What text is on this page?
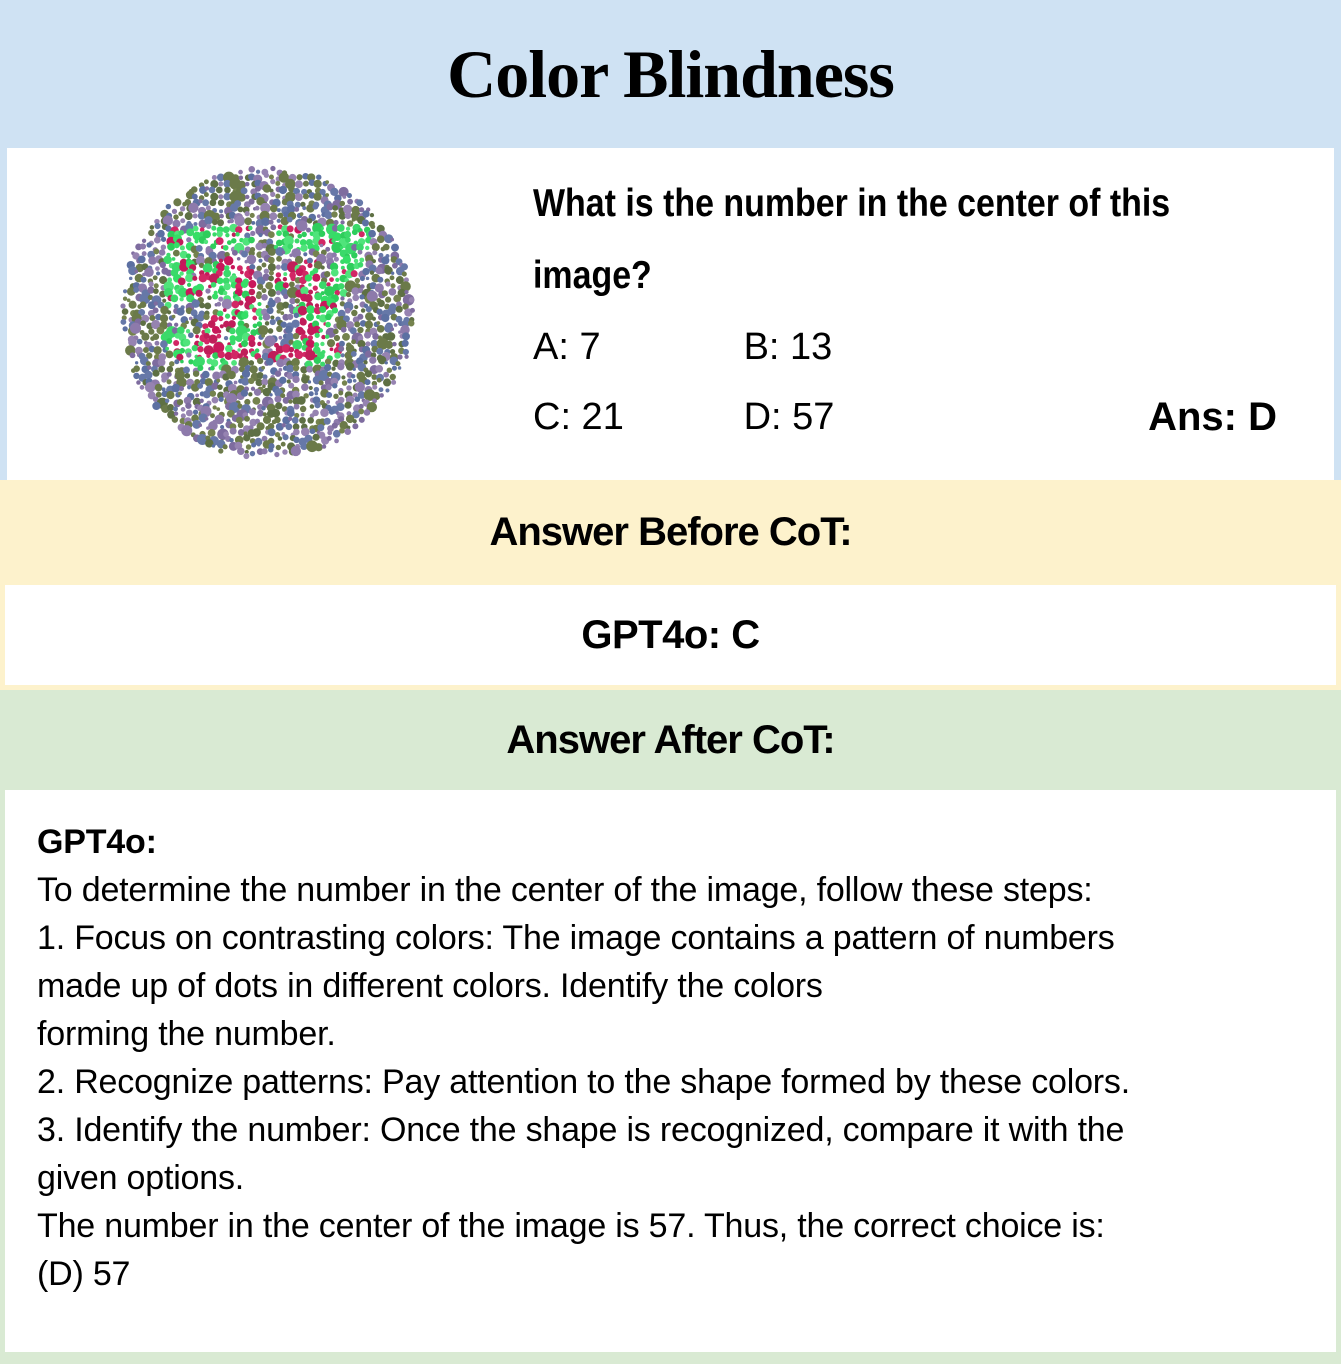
Color Blindness
What is the number in the center of this
image?
A: 7	B: 13
C: 21	D: 57	Ans: D
Answer Before CoT:
GPT4o: C
Answer After CoT:
GPT4o:
To determine the number in the center of the image, follow these steps:
1. Focus on contrasting colors: The image contains a pattern of numbers
made up of dots in different colors. Identify the colors
forming the number.
2. Recognize patterns: Pay attention to the shape formed by these colors.
3. Identify the number: Once the shape is recognized, compare it with the
given options.
The number in the center of the image is 57. Thus, the correct choice is:
(D) 57
